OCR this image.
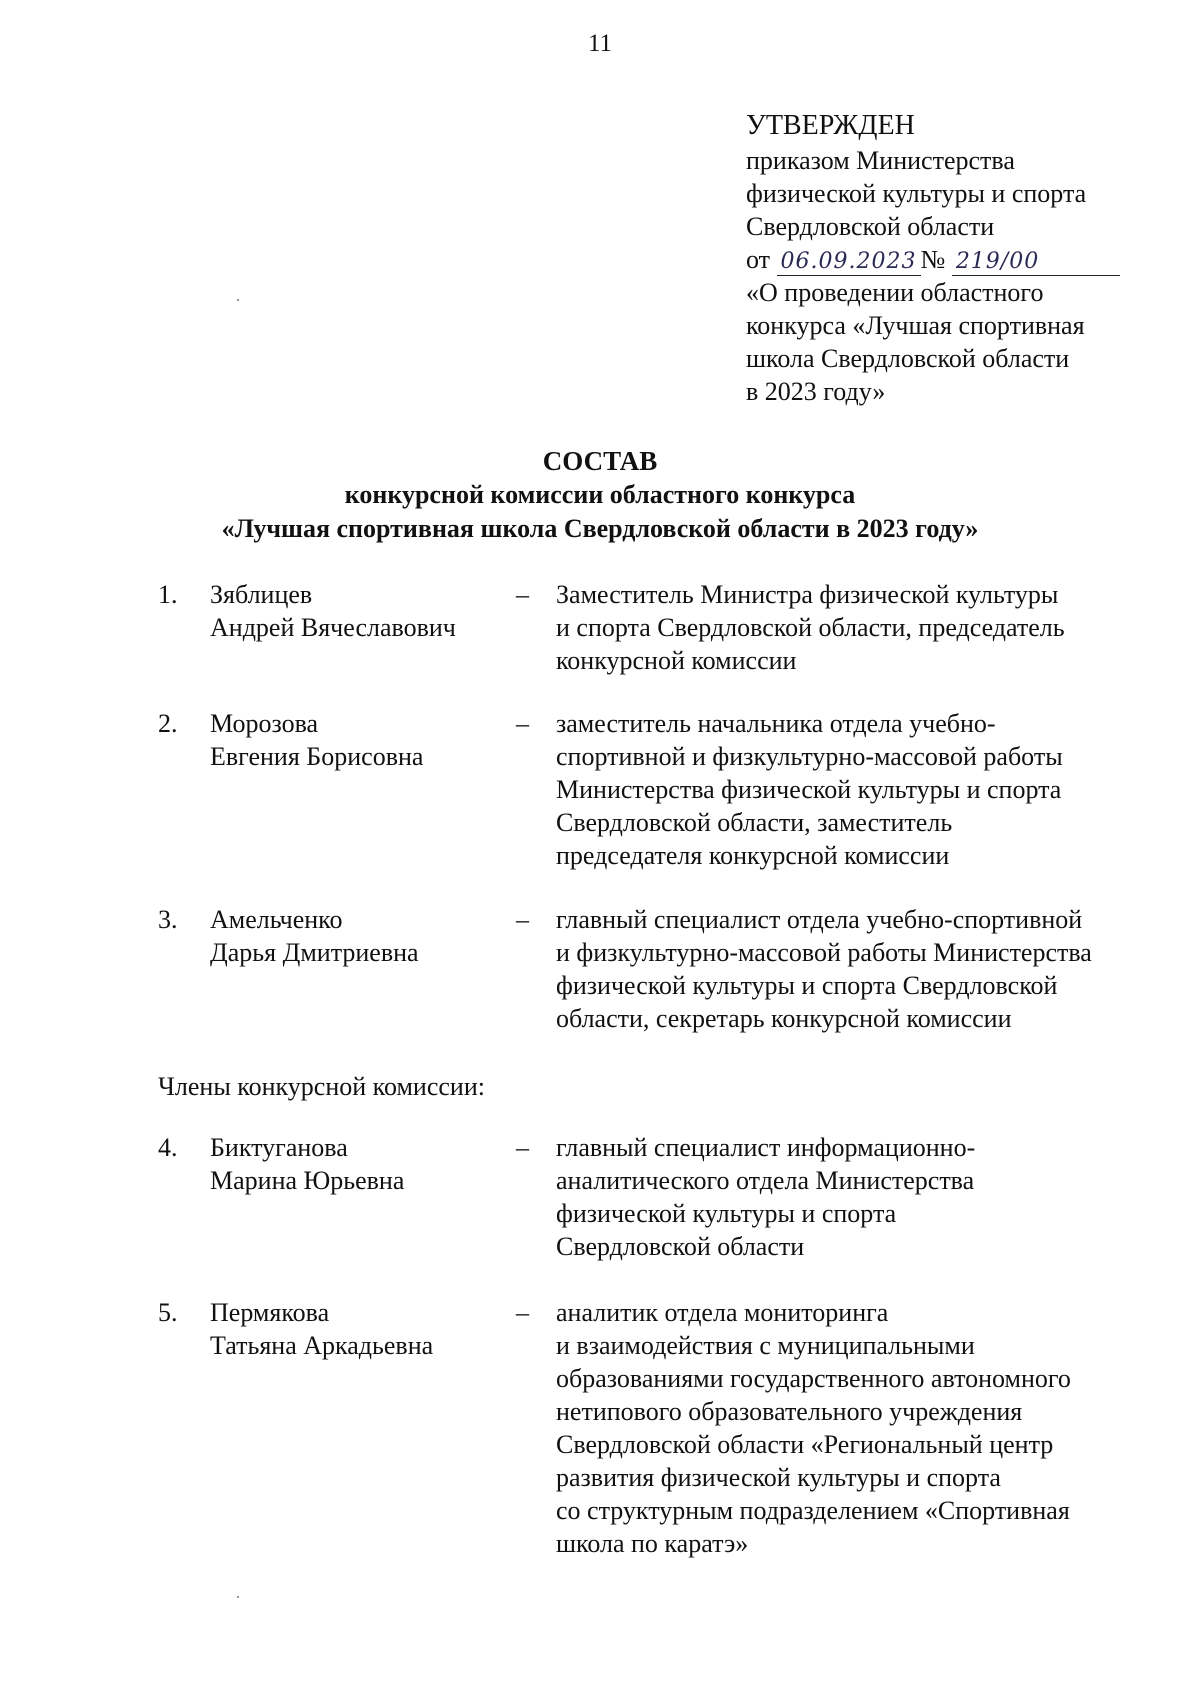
11
УТВЕРЖДЕН
приказом Министерства
физической культуры и спорта
Свердловской области
от 06.09.2023 № 219/00
«О проведении областного
конкурса «Лучшая спортивная
школа Свердловской области
в 2023 году»
СОСТАВ
конкурсной комиссии областного конкурса
«Лучшая спортивная школа Свердловской области в 2023 году»
1. Зяблицев
Андрей Вячеславович
– Заместитель Министра физической культуры
и спорта Свердловской области, председатель
конкурсной комиссии
2. Морозова
Евгения Борисовна
– заместитель начальника отдела учебно-
спортивной и физкультурно-массовой работы
Министерства физической культуры и спорта
Свердловской области, заместитель
председателя конкурсной комиссии
3. Амельченко
Дарья Дмитриевна
– главный специалист отдела учебно-спортивной
и физкультурно-массовой работы Министерства
физической культуры и спорта Свердловской
области, секретарь конкурсной комиссии
Члены конкурсной комиссии:
4. Биктуганова
Марина Юрьевна
– главный специалист информационно-
аналитического отдела Министерства
физической культуры и спорта
Свердловской области
5. Пермякова
Татьяна Аркадьевна
– аналитик отдела мониторинга
и взаимодействия с муниципальными
образованиями государственного автономного
нетипового образовательного учреждения
Свердловской области «Региональный центр
развития физической культуры и спорта
со структурным подразделением «Спортивная
школа по каратэ»
